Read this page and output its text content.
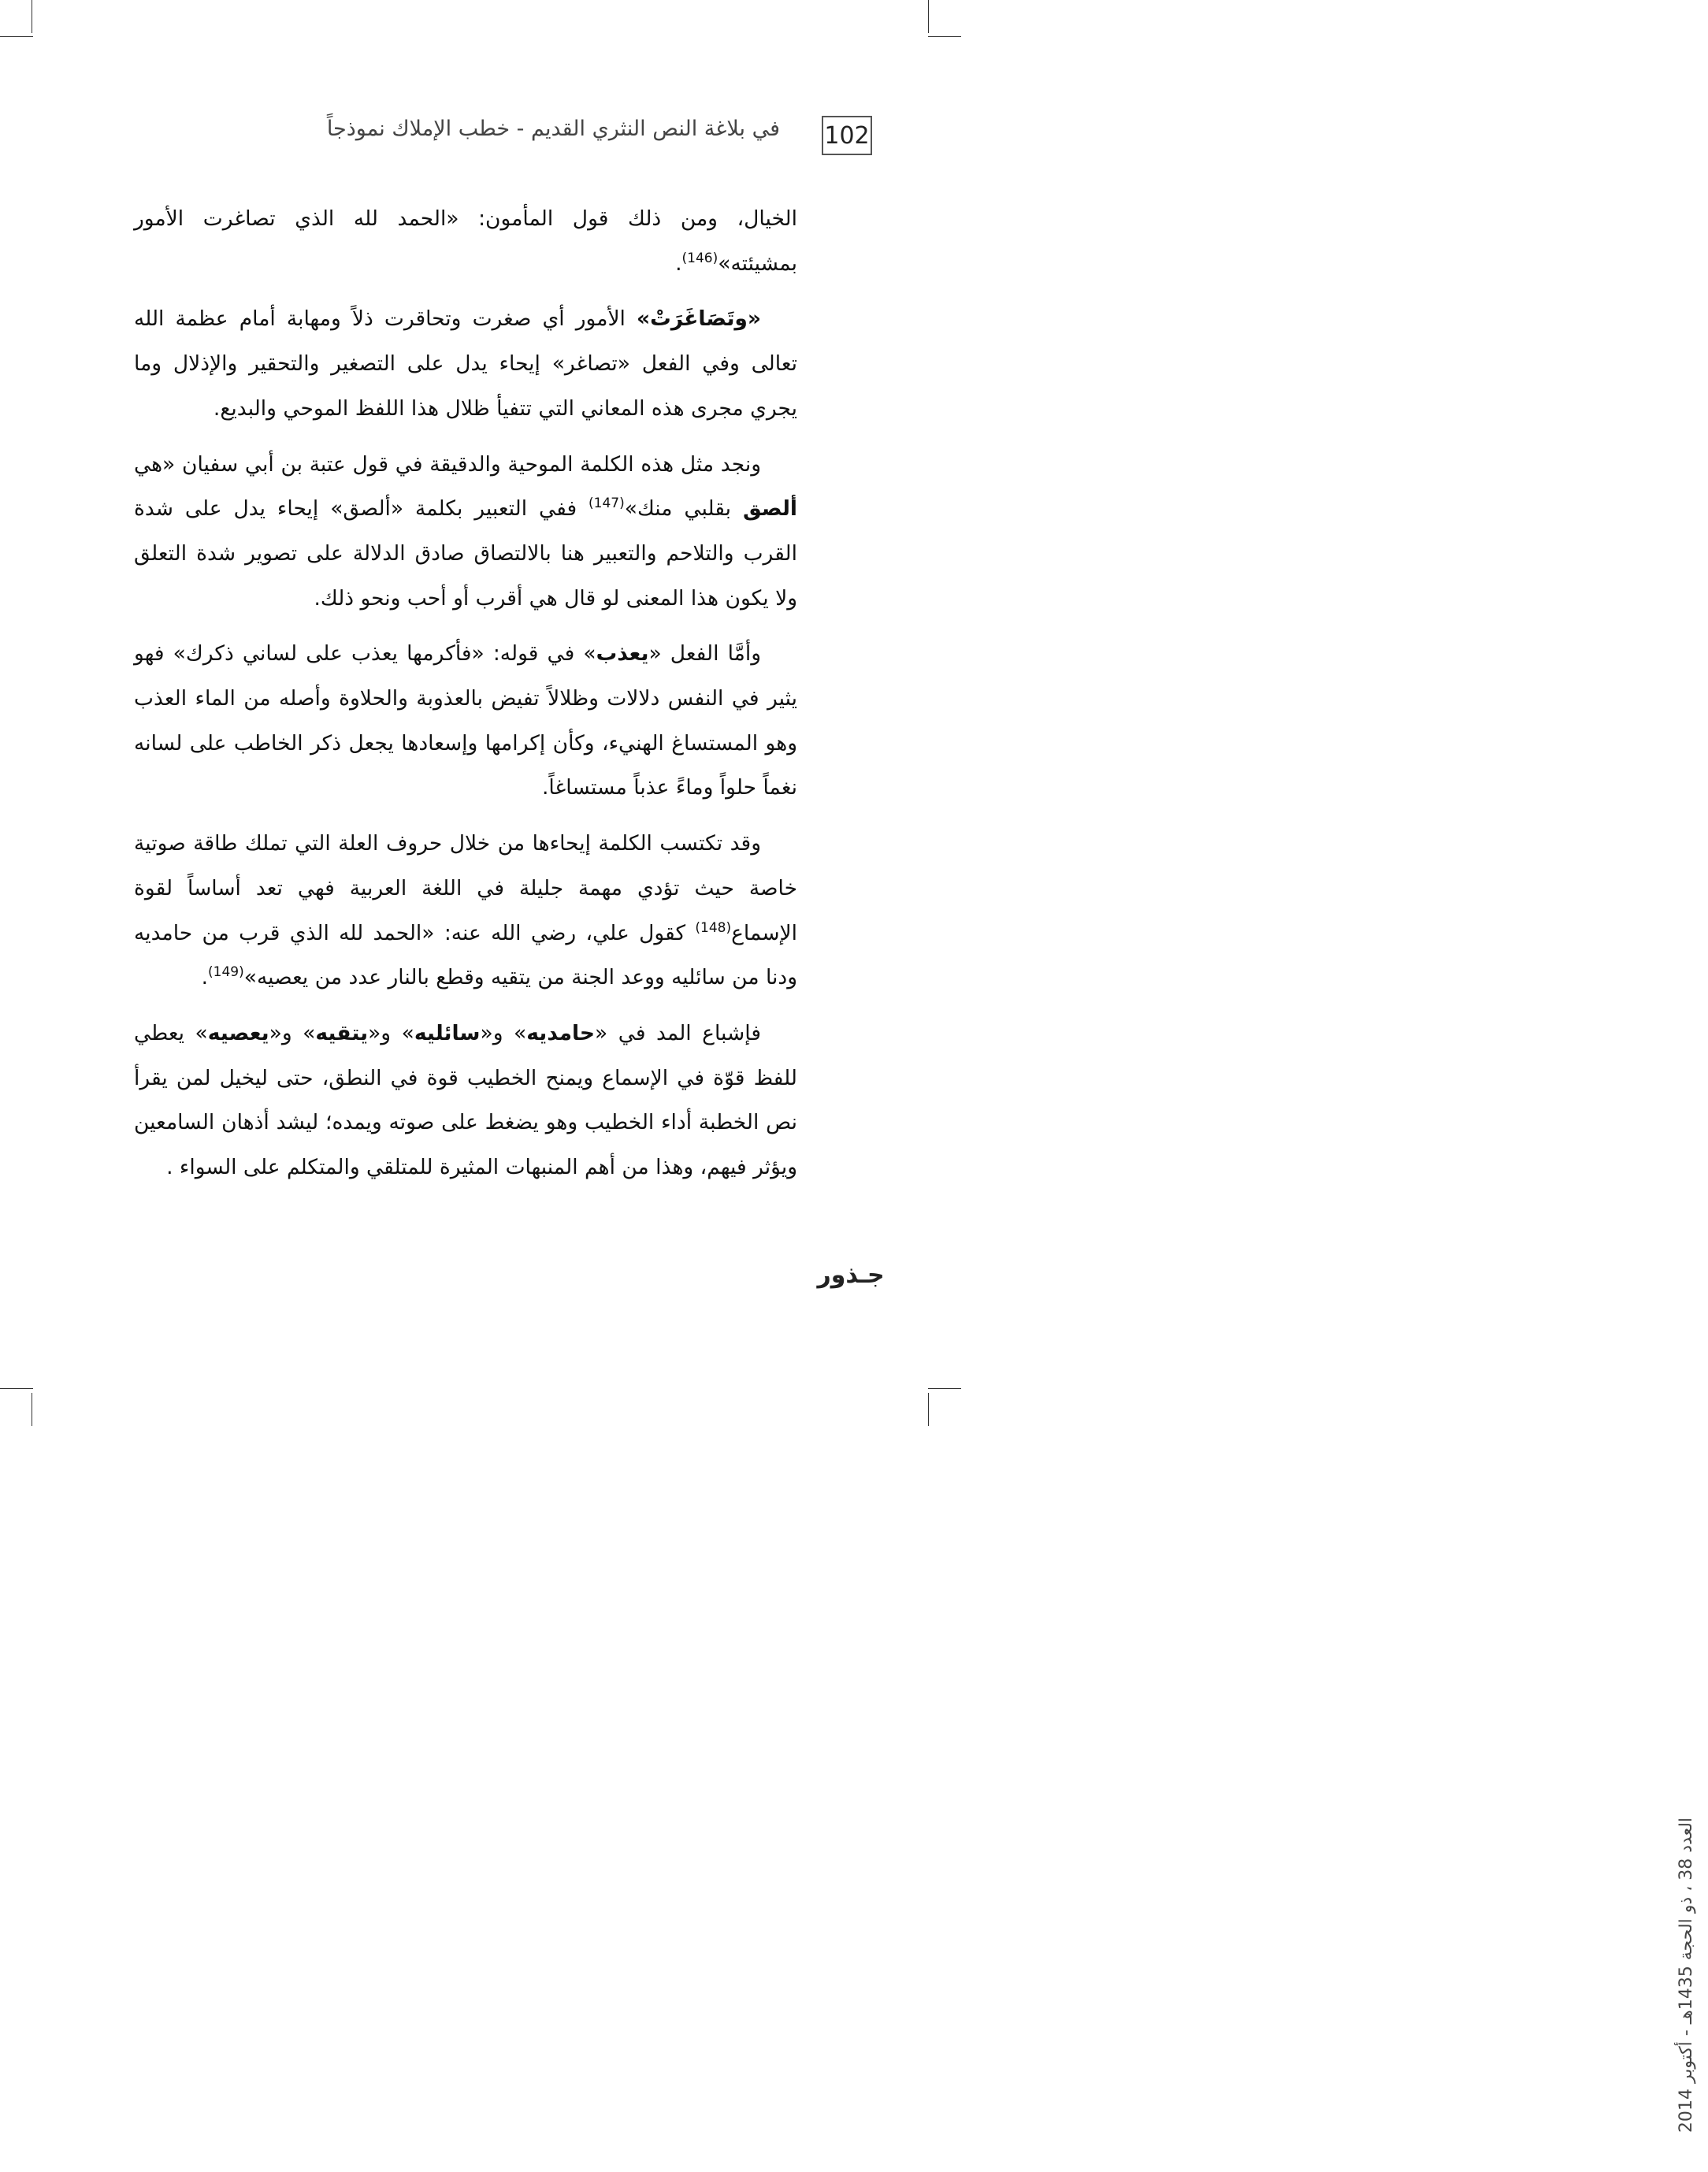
102
في بلاغة النص النثري القديم - خطب الإملاك نموذجاً

الخيال، ومن ذلك قول المأمون: «الحمد لله الذي تصاغرت الأمور بمشيئته»$^{(146)}$.

«وتَصَاغَرَتْ» الأمور أي صغرت وتحاقرت ذلاً ومهابة أمام عظمة الله تعالى وفي الفعل «تصاغر» إيحاء يدل على التصغير والتحقير والإذلال وما يجري مجرى هذه المعاني التي تتفيأ ظلال هذا اللفظ الموحي والبديع.

ونجد مثل هذه الكلمة الموحية والدقيقة في قول عتبة بن أبي سفيان «هي ألصق بقلبي منك»$^{(147)}$ ففي التعبير بكلمة «ألصق» إيحاء يدل على شدة القرب والتلاحم والتعبير هنا بالالتصاق صادق الدلالة على تصوير شدة التعلق ولا يكون هذا المعنى لو قال هي أقرب أو أحب ونحو ذلك.

وأمَّا الفعل «يعذب» في قوله: «فأكرمها يعذب على لساني ذكرك» فهو يثير في النفس دلالات وظلالاً تفيض بالعذوبة والحلاوة وأصله من الماء العذب وهو المستساغ الهنيء، وكأن إكرامها وإسعادها يجعل ذكر الخاطب على لسانه نغماً حلواً وماءً عذباً مستساغاً.

وقد تكتسب الكلمة إيحاءها من خلال حروف العلة التي تملك طاقة صوتية خاصة حيث تؤدي مهمة جليلة في اللغة العربية فهي تعد أساساً لقوة الإسماع$^{(148)}$ كقول علي، رضي الله عنه: «الحمد لله الذي قرب من حامديه ودنا من سائليه ووعد الجنة من يتقيه وقطع بالنار عدد من يعصيه»$^{(149)}$.

فإشباع المد في «حامديه» و«سائليه» و«يتقيه» و«يعصيه» يعطي للفظ قوّة في الإسماع ويمنح الخطيب قوة في النطق، حتى ليخيل لمن يقرأ نص الخطبة أداء الخطيب وهو يضغط على صوته ويمده؛ ليشد أذهان السامعين ويؤثر فيهم، وهذا من أهم المنبهات المثيرة للمتلقي والمتكلم على السواء .

العدد 38 ، ذو الحجة 1435هـ - أكتوبر 2014
جـذور
